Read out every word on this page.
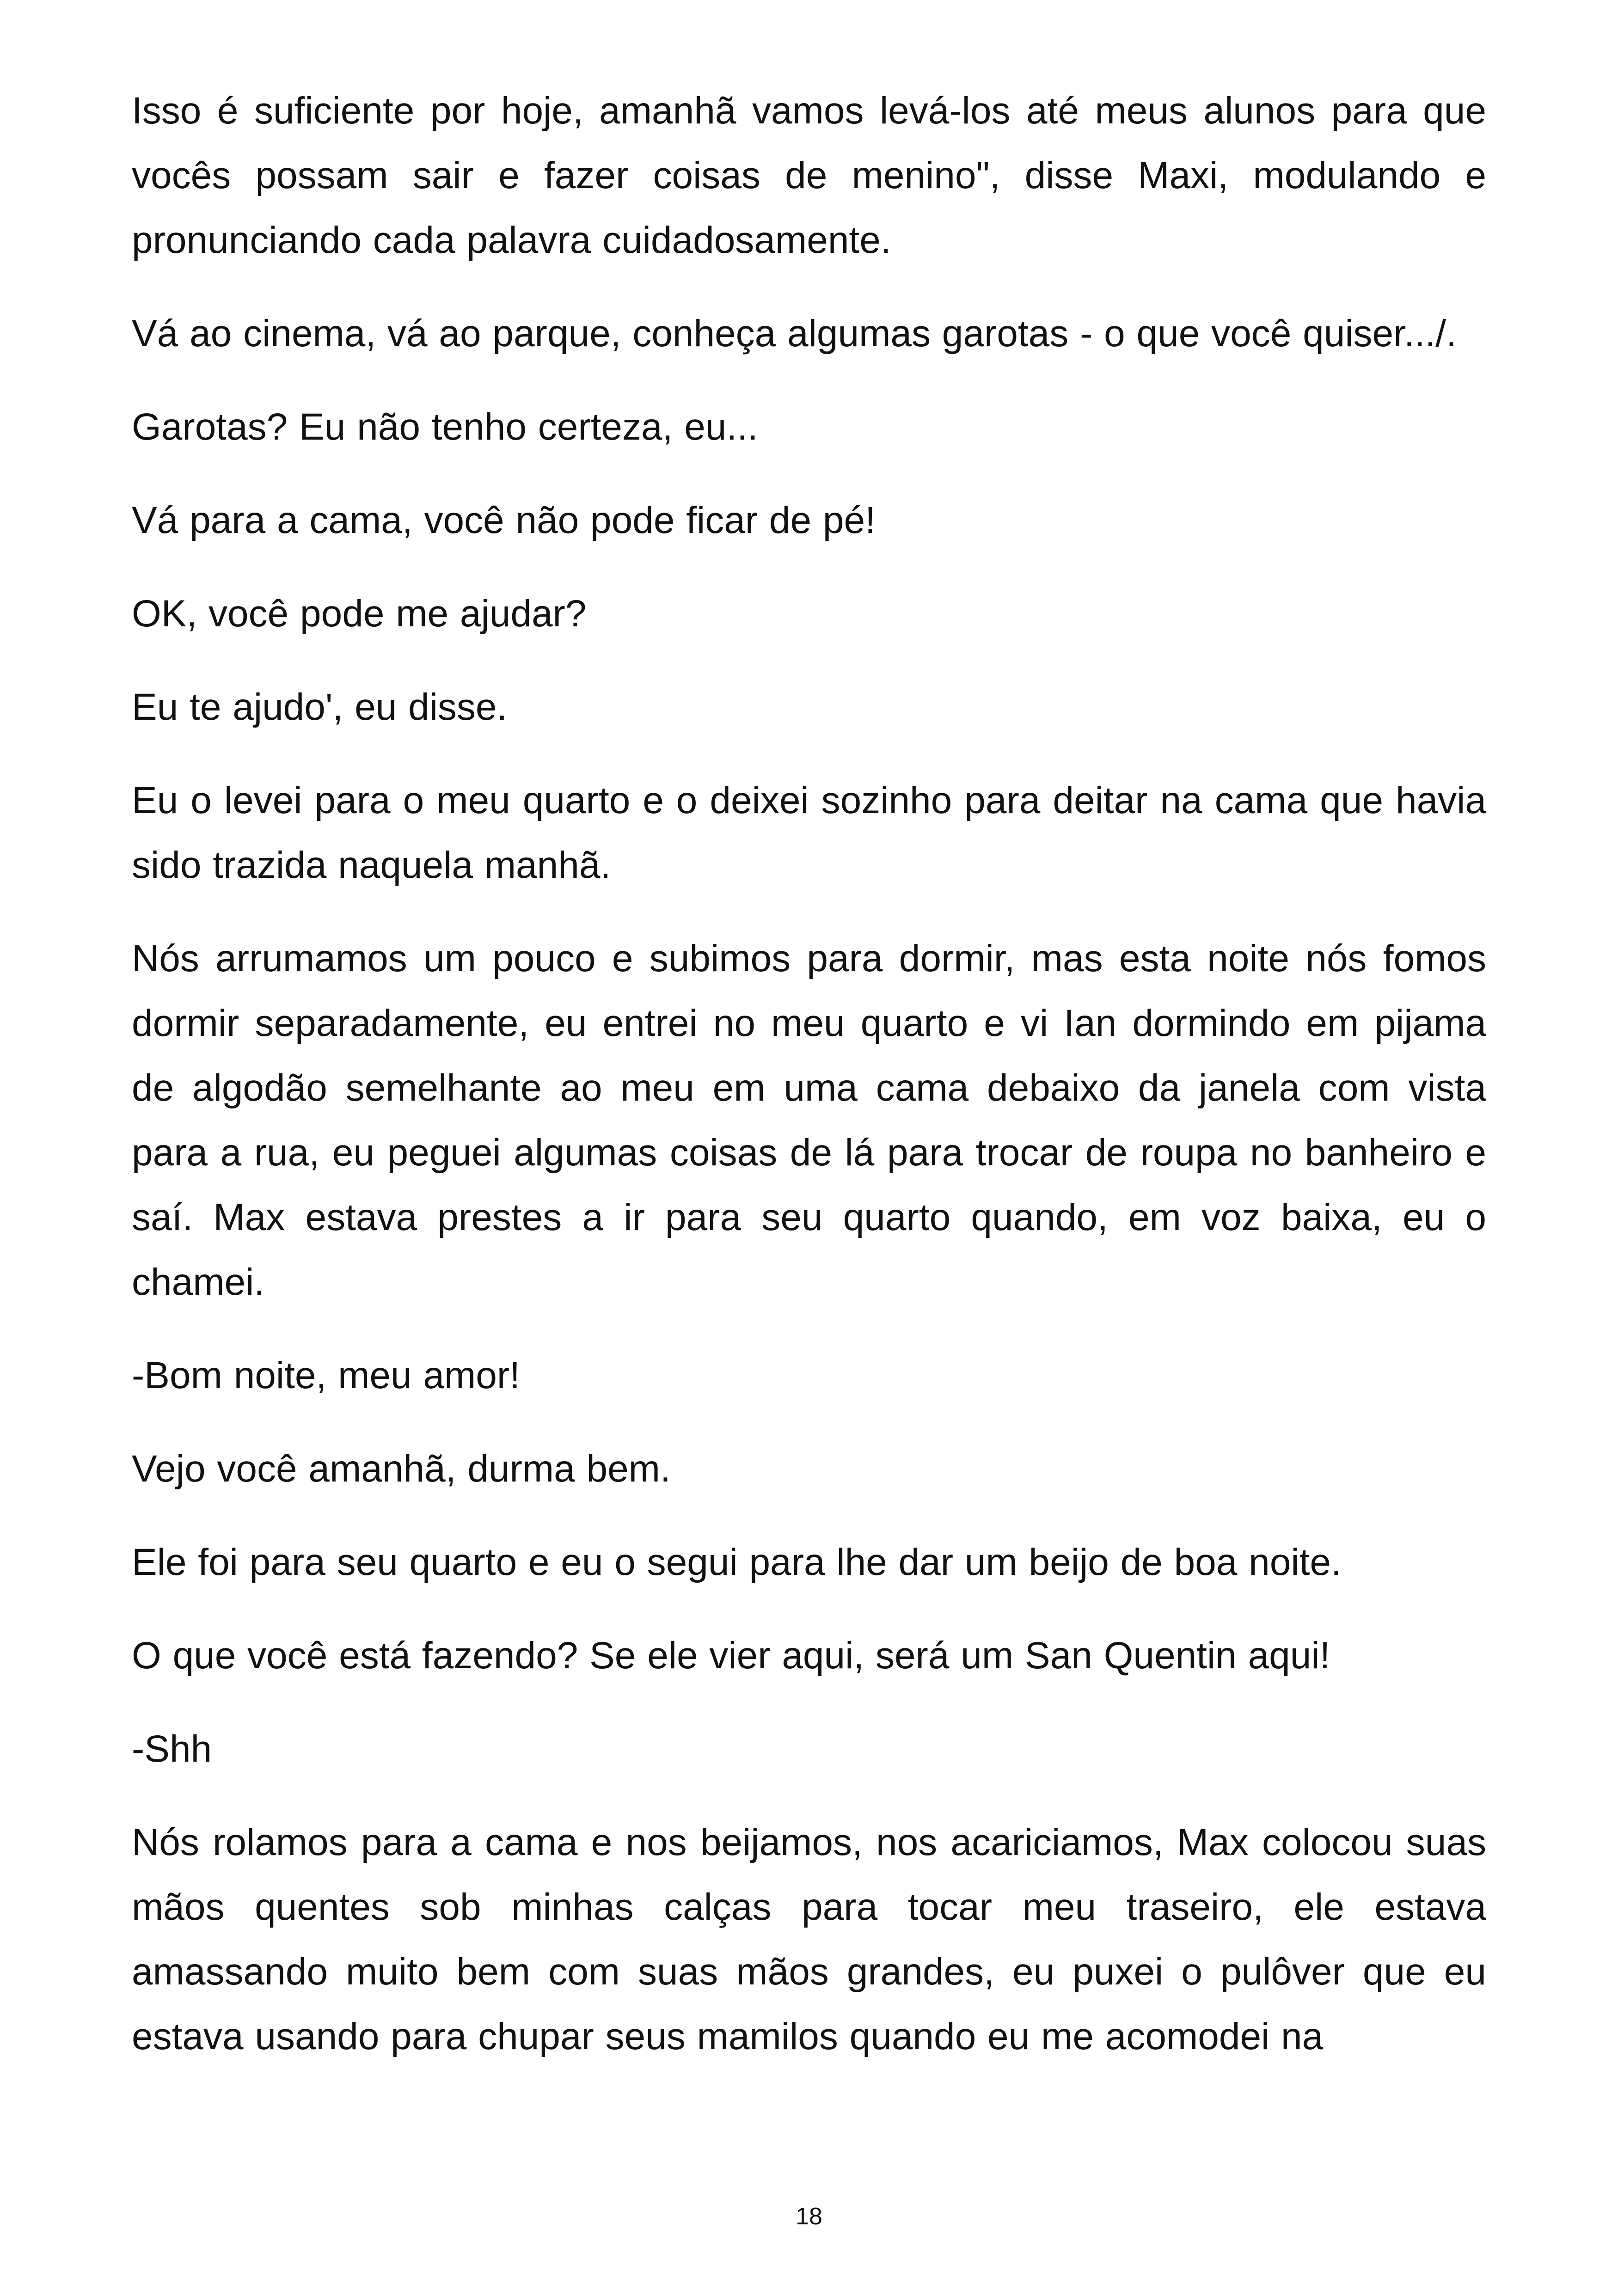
Isso é suficiente por hoje, amanhã vamos levá-los até meus alunos para que vocês possam sair e fazer coisas de menino", disse Maxi, modulando e pronunciando cada palavra cuidadosamente.

Vá ao cinema, vá ao parque, conheça algumas garotas - o que você quiser.../.

Garotas? Eu não tenho certeza, eu...

Vá para a cama, você não pode ficar de pé!

OK, você pode me ajudar?

Eu te ajudo', eu disse.

Eu o levei para o meu quarto e o deixei sozinho para deitar na cama que havia sido trazida naquela manhã.

Nós arrumamos um pouco e subimos para dormir, mas esta noite nós fomos dormir separadamente, eu entrei no meu quarto e vi Ian dormindo em pijama de algodão semelhante ao meu em uma cama debaixo da janela com vista para a rua, eu peguei algumas coisas de lá para trocar de roupa no banheiro e saí. Max estava prestes a ir para seu quarto quando, em voz baixa, eu o chamei.

-Bom noite, meu amor!

Vejo você amanhã, durma bem.

Ele foi para seu quarto e eu o segui para lhe dar um beijo de boa noite.

O que você está fazendo? Se ele vier aqui, será um San Quentin aqui!

-Shh

Nós rolamos para a cama e nos beijamos, nos acariciamos, Max colocou suas mãos quentes sob minhas calças para tocar meu traseiro, ele estava amassando muito bem com suas mãos grandes, eu puxei o pulôver que eu estava usando para chupar seus mamilos quando eu me acomodei na

18
